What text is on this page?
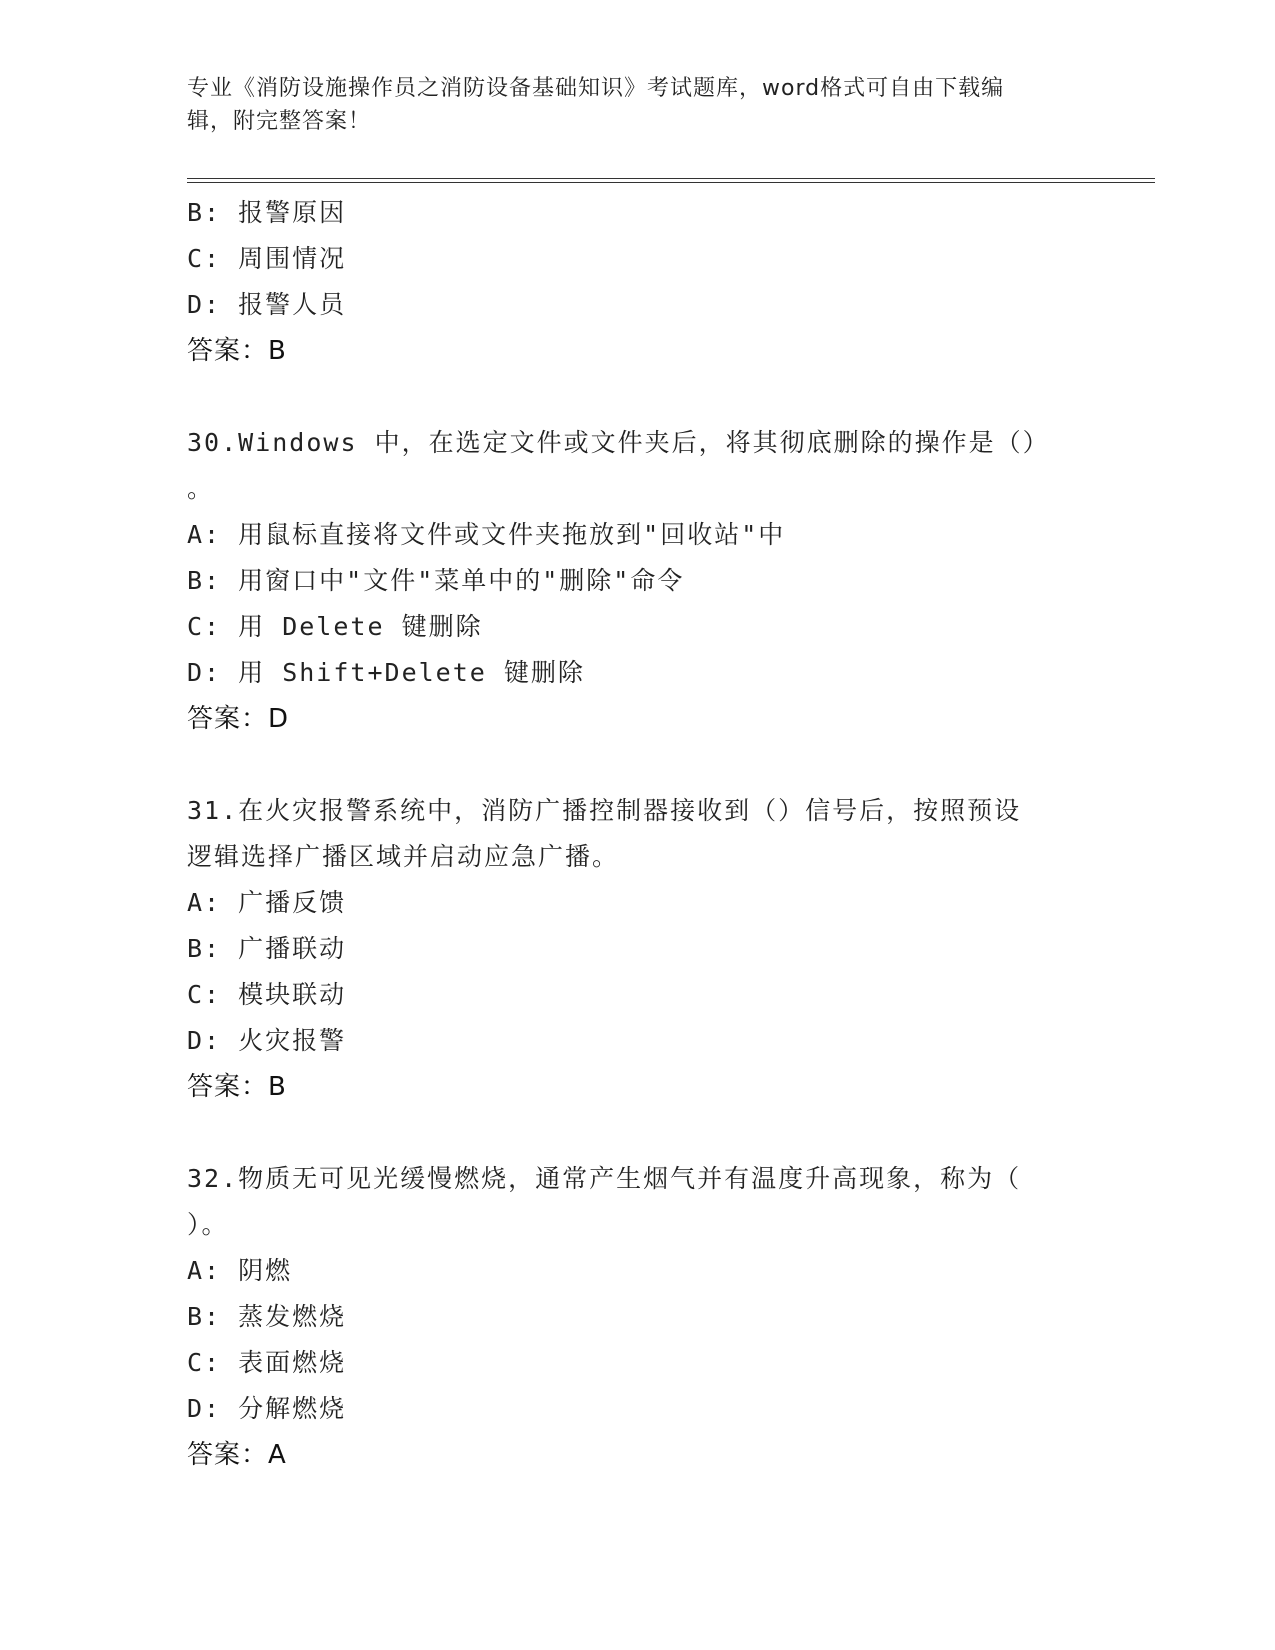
专业《消防设施操作员之消防设备基础知识》考试题库，word格式可自由下载编
辑，附完整答案！
B: 报警原因
C: 周围情况
D: 报警人员
答案：B
30.Windows 中，在选定文件或文件夹后，将其彻底删除的操作是（）
。
A: 用鼠标直接将文件或文件夹拖放到"回收站"中
B: 用窗口中"文件"菜单中的"删除"命令
C: 用 Delete 键删除
D: 用 Shift+Delete 键删除
答案：D
31.在火灾报警系统中，消防广播控制器接收到（）信号后，按照预设
逻辑选择广播区域并启动应急广播。
A: 广播反馈
B: 广播联动
C: 模块联动
D: 火灾报警
答案：B
32.物质无可见光缓慢燃烧，通常产生烟气并有温度升高现象，称为（
）。
A: 阴燃
B: 蒸发燃烧
C: 表面燃烧
D: 分解燃烧
答案：A
